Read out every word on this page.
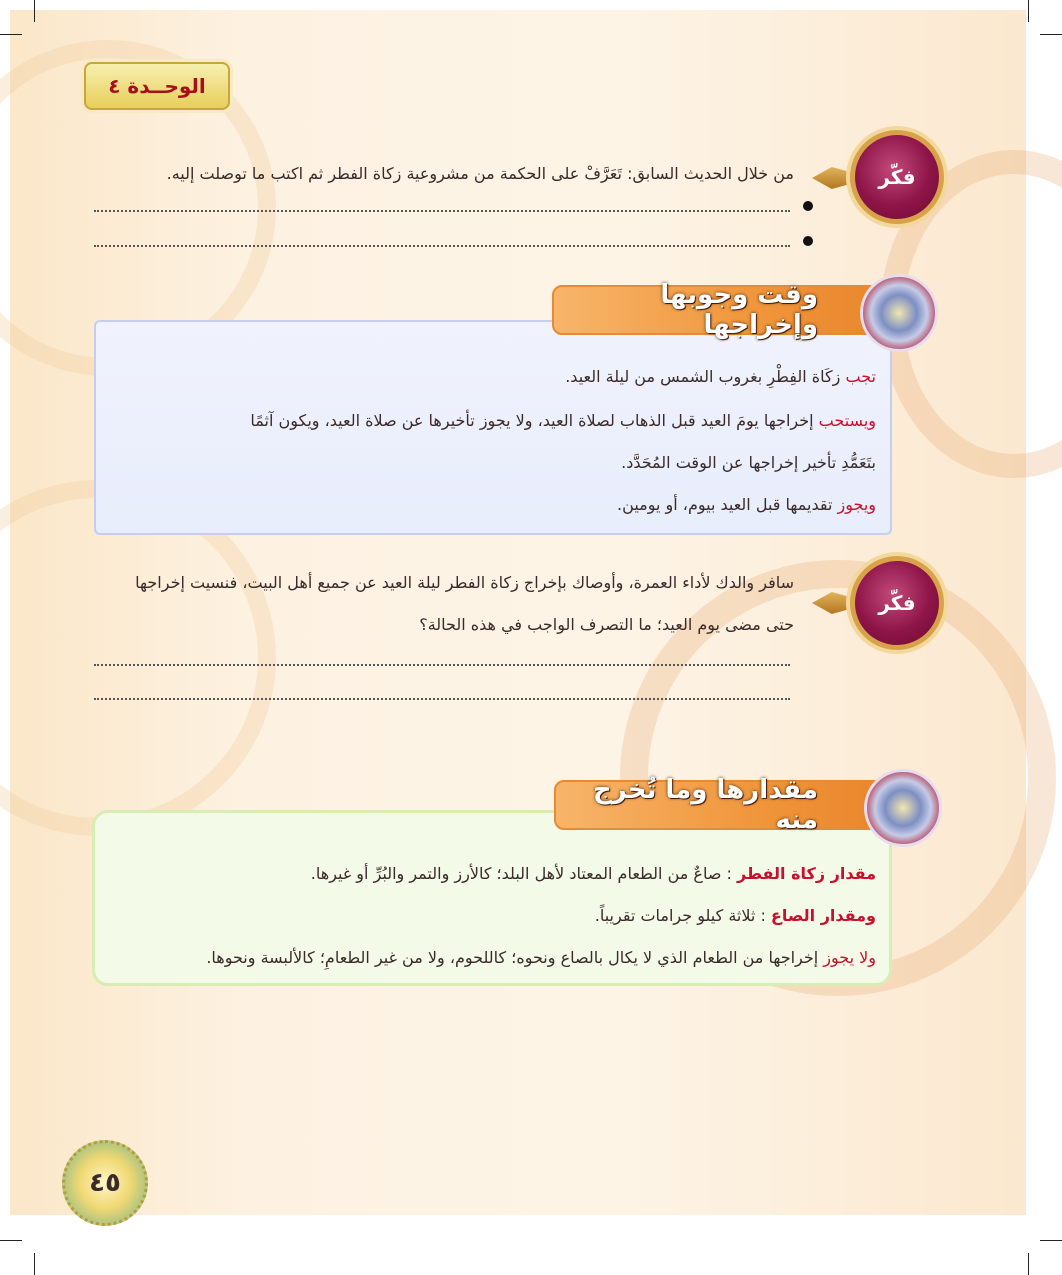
الوحــدة ٤
فكّر
من خلال الحديث السابق: تَعَرَّفْ على الحكمة من مشروعية زكاة الفطر ثم اكتب ما توصلت إليه.
وقت وجوبها وإخراجها
تجب زكَاة الفِطْرِ بغروب الشمس من ليلة العيد.
ويستحب إخراجها يومَ العيد قبل الذهاب لصلاة العيد، ولا يجوز تأخيرها عن صلاة العيد، ويكون آثمًا
بتَعَمُّدِ تأخير إخراجها عن الوقت المُحَدَّد.
ويجوز تقديمها قبل العيد بيوم، أو يومين.
فكّر
سافر والدك لأداء العمرة، وأوصاك بإخراج زكاة الفطر ليلة العيد عن جميع أهل البيت، فنسيت إخراجها
حتى مضى يوم العيد؛ ما التصرف الواجب في هذه الحالة؟
مقدارها وما تُخرج منه
مقدار زكاة الفطر : صاعٌ من الطعام المعتاد لأهل البلد؛ كالأرز والتمر والبُرِّ أو غيرها.
ومقدار الصاع : ثلاثة كيلو جرامات تقريباً.
ولا يجوز إخراجها من الطعام الذي لا يكال بالصاع ونحوه؛ كاللحوم، ولا من غير الطعامِ؛ كالألبسة ونحوها.
٤٥
